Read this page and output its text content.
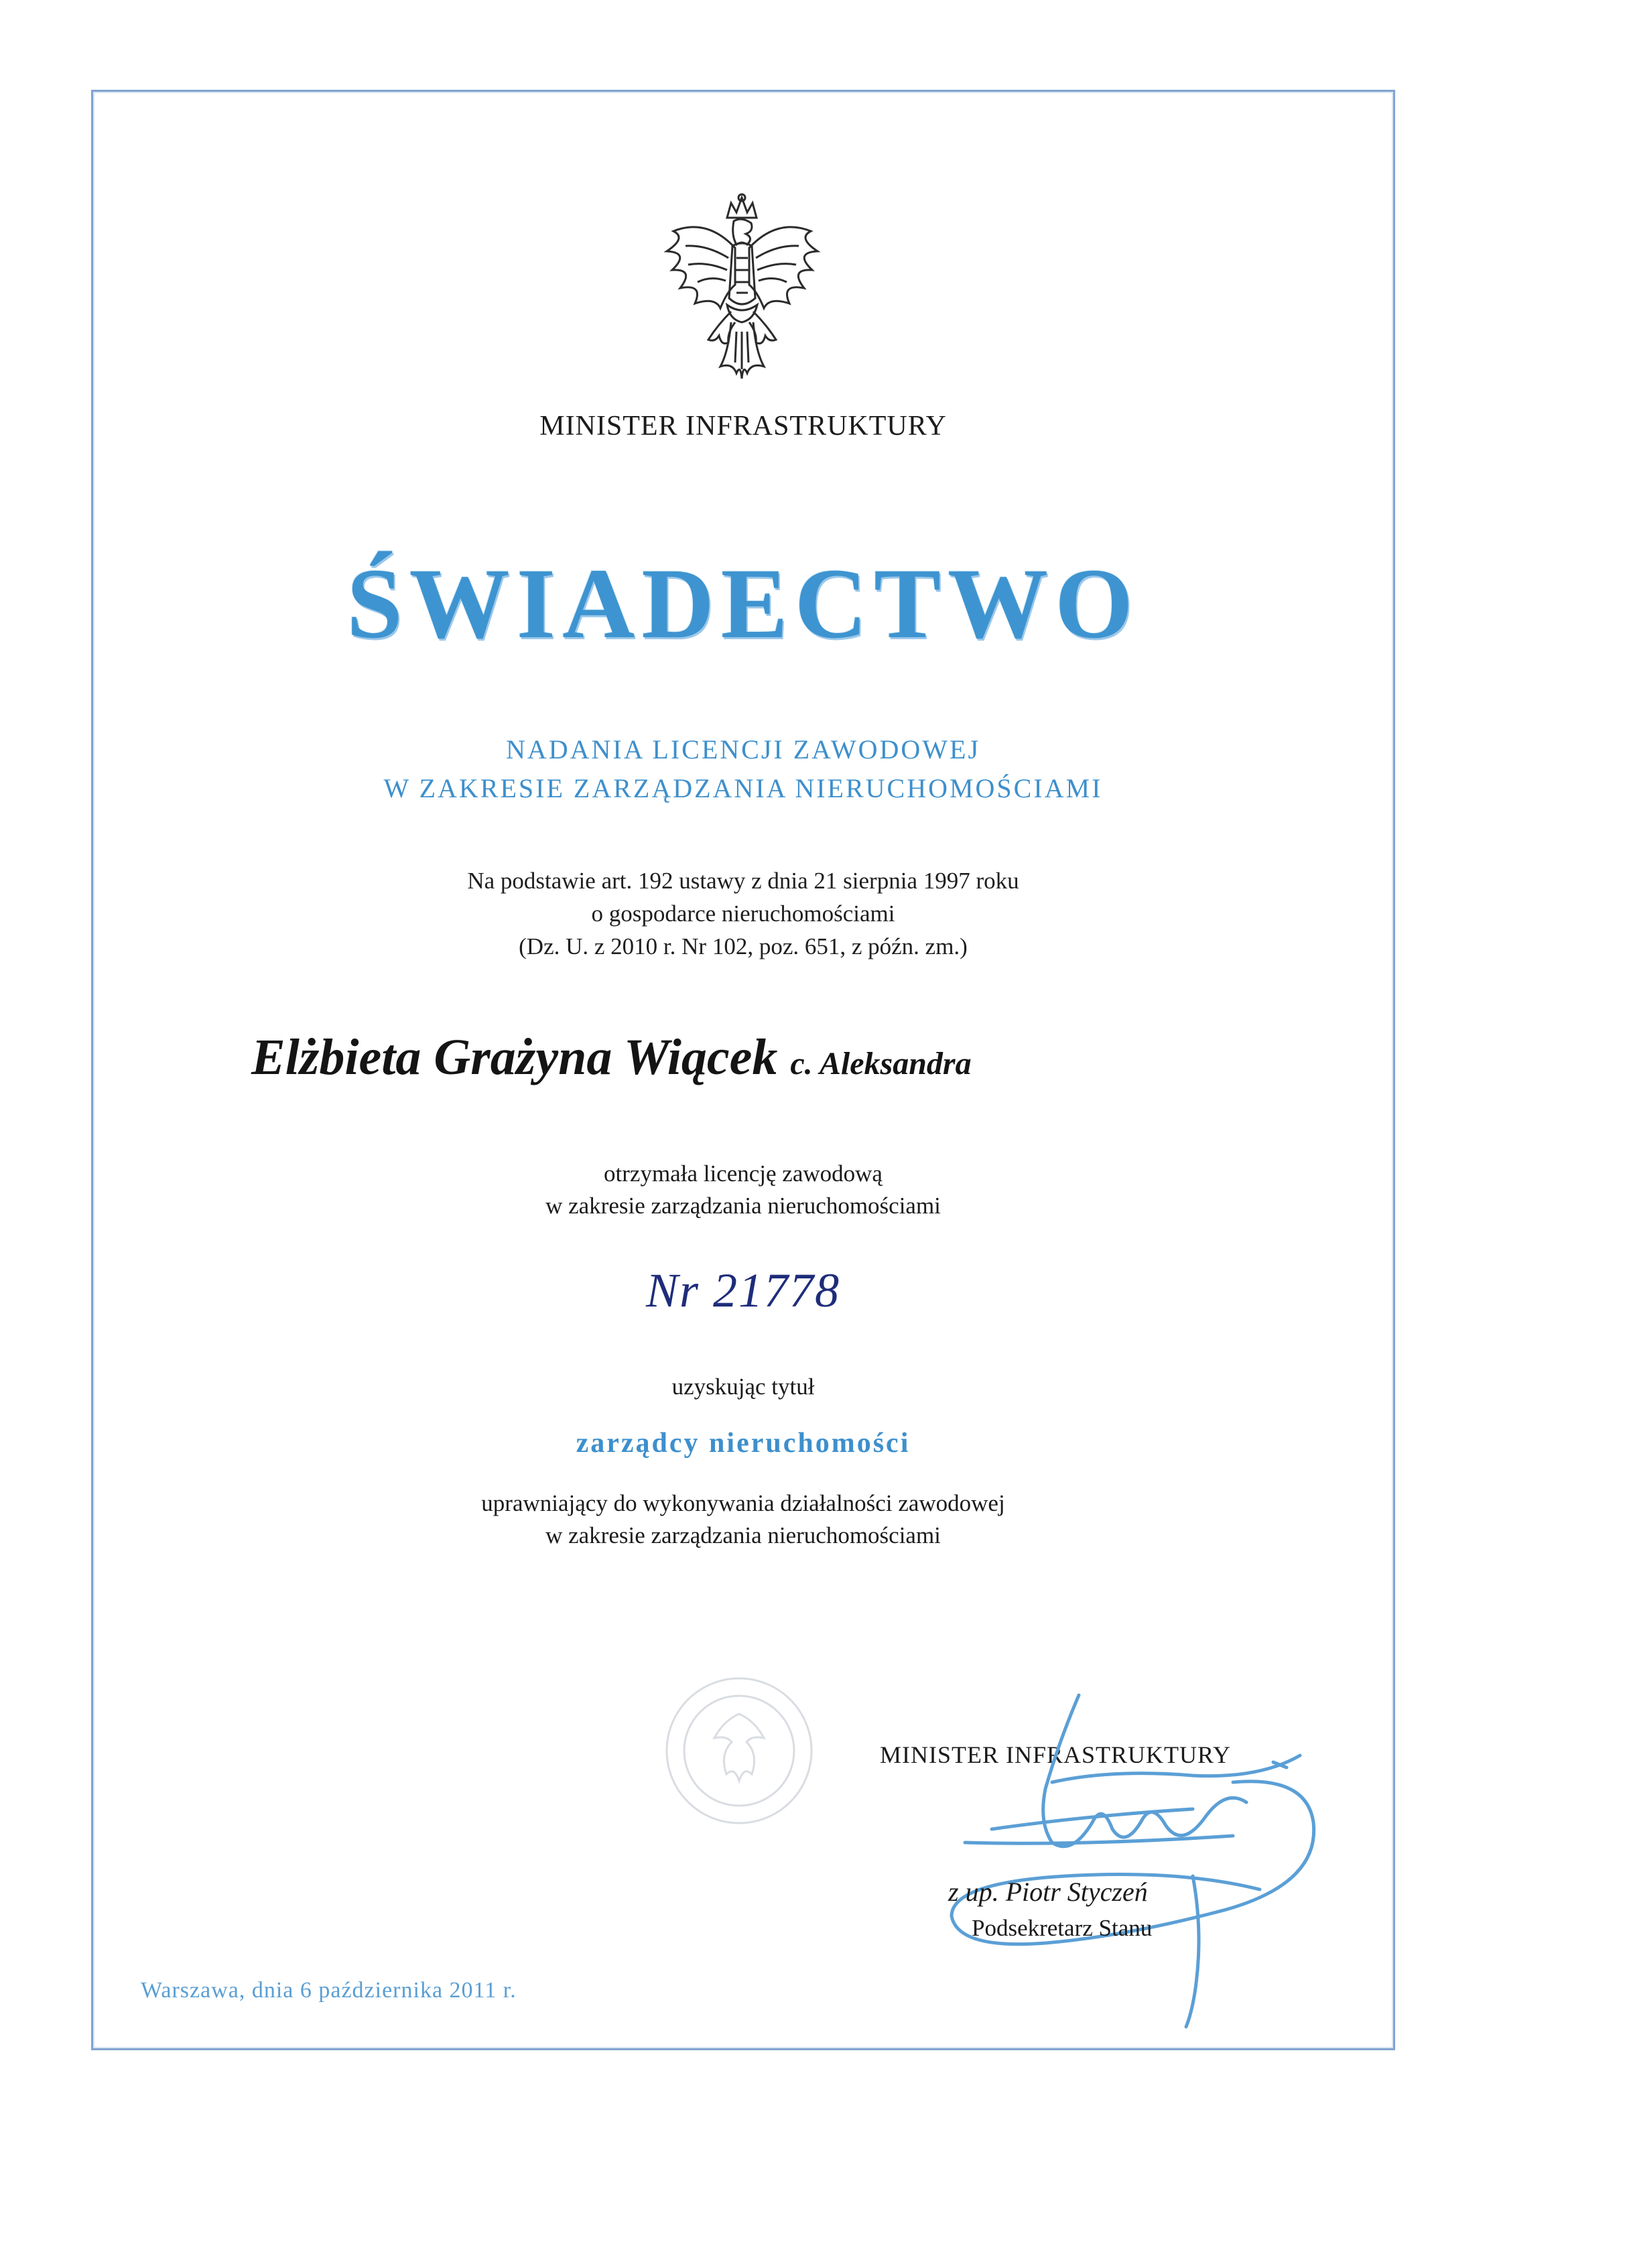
MINISTER INFRASTRUKTURY
ŚWIADECTWO
NADANIA LICENCJI ZAWODOWEJ
W ZAKRESIE ZARZĄDZANIA NIERUCHOMOŚCIAMI
Na podstawie art. 192 ustawy z dnia 21 sierpnia 1997 roku
o gospodarce nieruchomościami
(Dz. U. z 2010 r. Nr 102, poz. 651, z późn. zm.)
Elżbieta Grażyna Wiącek c. Aleksandra
otrzymała licencję zawodową
w zakresie zarządzania nieruchomościami
Nr 21778
uzyskując tytuł
zarządcy nieruchomości
uprawniający do wykonywania działalności zawodowej
w zakresie zarządzania nieruchomościami
MINISTER INFRASTRUKTURY
z up. Piotr Styczeń
Podsekretarz Stanu
Warszawa, dnia 6 października 2011 r.
